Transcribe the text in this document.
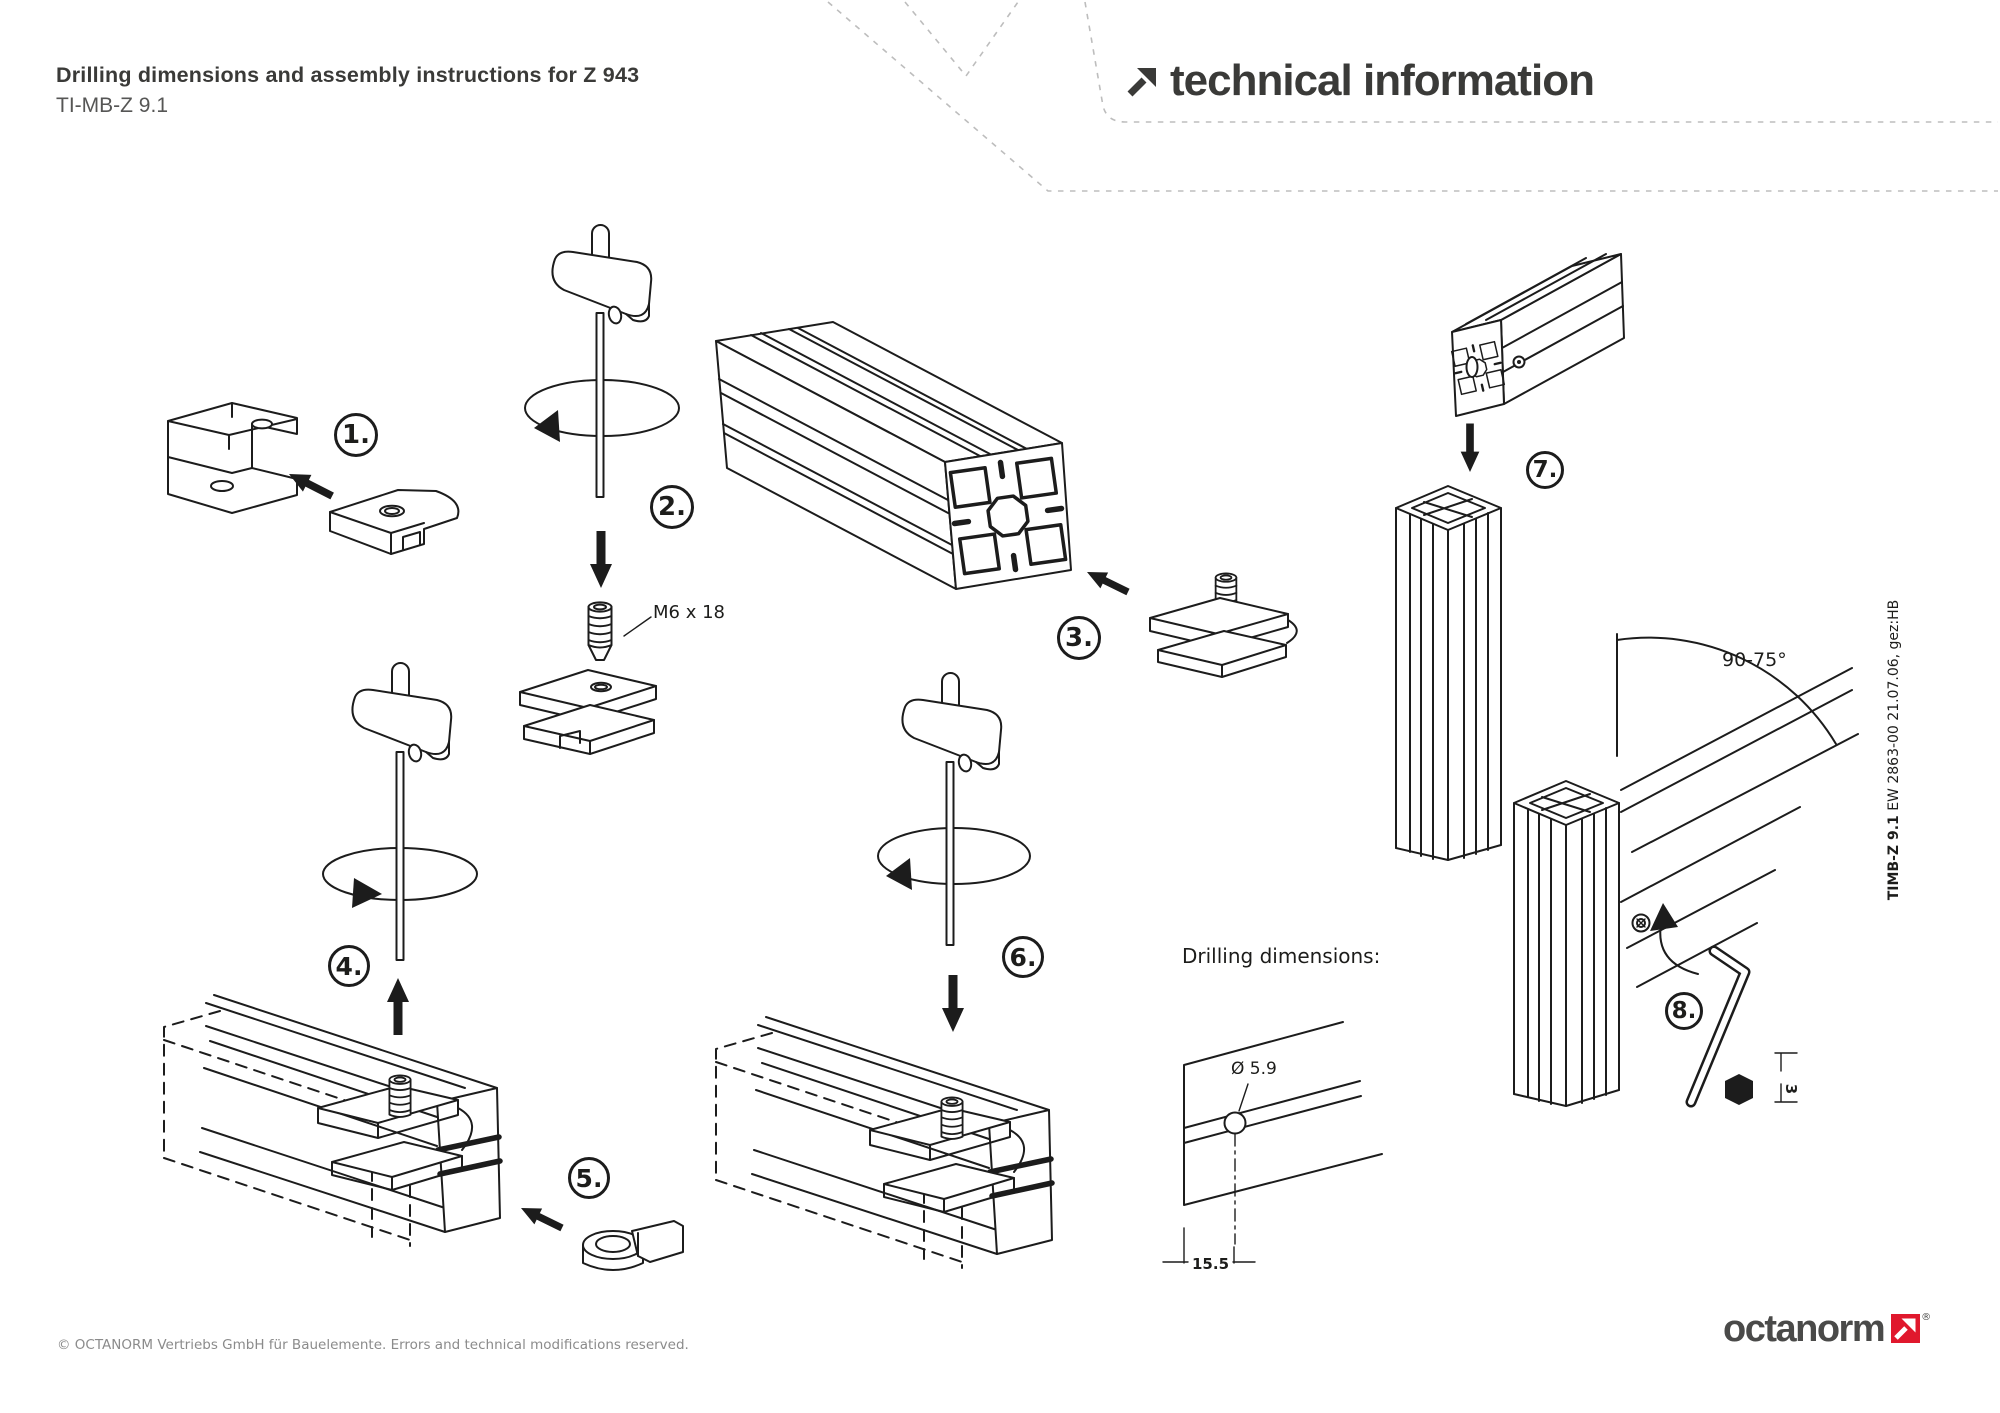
Drilling dimensions and assembly instructions for Z 943
TI-MB-Z 9.1
technical information
1.
2.
3.
4.
5.
6.
7.
8.
M6 x 18
Drilling dimensions:
Ø 5.9
15.5
90-75°
3
TIMB-Z 9.1 EW 2863-00 21.07.06, gez:HB
© OCTANORM Vertriebs GmbH für Bauelemente. Errors and technical modifications reserved.	octanorm	®
